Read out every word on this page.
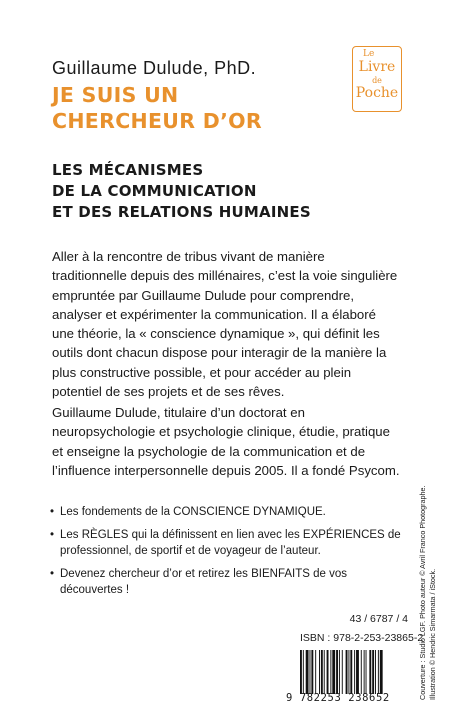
Guillaume Dulude, PhD.
JE SUIS UN
CHERCHEUR D’OR
LES MÉCANISMES
DE LA COMMUNICATION
ET DES RELATIONS HUMAINES
Le
Livre
de
Poche

Aller à la rencontre de tribus vivant de manière traditionnelle depuis des millénaires, c’est la voie singulière empruntée par Guillaume Dulude pour comprendre, analyser et expérimenter la communication. Il a élaboré une théorie, la « conscience dynamique », qui définit les outils dont chacun dispose pour interagir de la manière la plus constructive possible, et pour accéder au plein potentiel de ses projets et de ses rêves.

Guillaume Dulude, titulaire d’un doctorat en neuropsychologie et psychologie clinique, étudie, pratique et enseigne la psychologie de la communication et de l’influence interpersonnelle depuis 2005. Il a fondé Psycom.

• Les fondements de la CONSCIENCE DYNAMIQUE.
• Les RÈGLES qui la définissent en lien avec les EXPÉRIENCES de professionnel, de sportif et de voyageur de l’auteur.
• Devenez chercheur d’or et retirez les BIENFAITS de vos découvertes !
43 / 6787 / 4
ISBN : 978-2-253-23865-2
9 782253 238652	Couverture : Studio LGF. Photo auteur © Avril Franco Photographe. Illustration © Hendric Simarmata / iStock.
